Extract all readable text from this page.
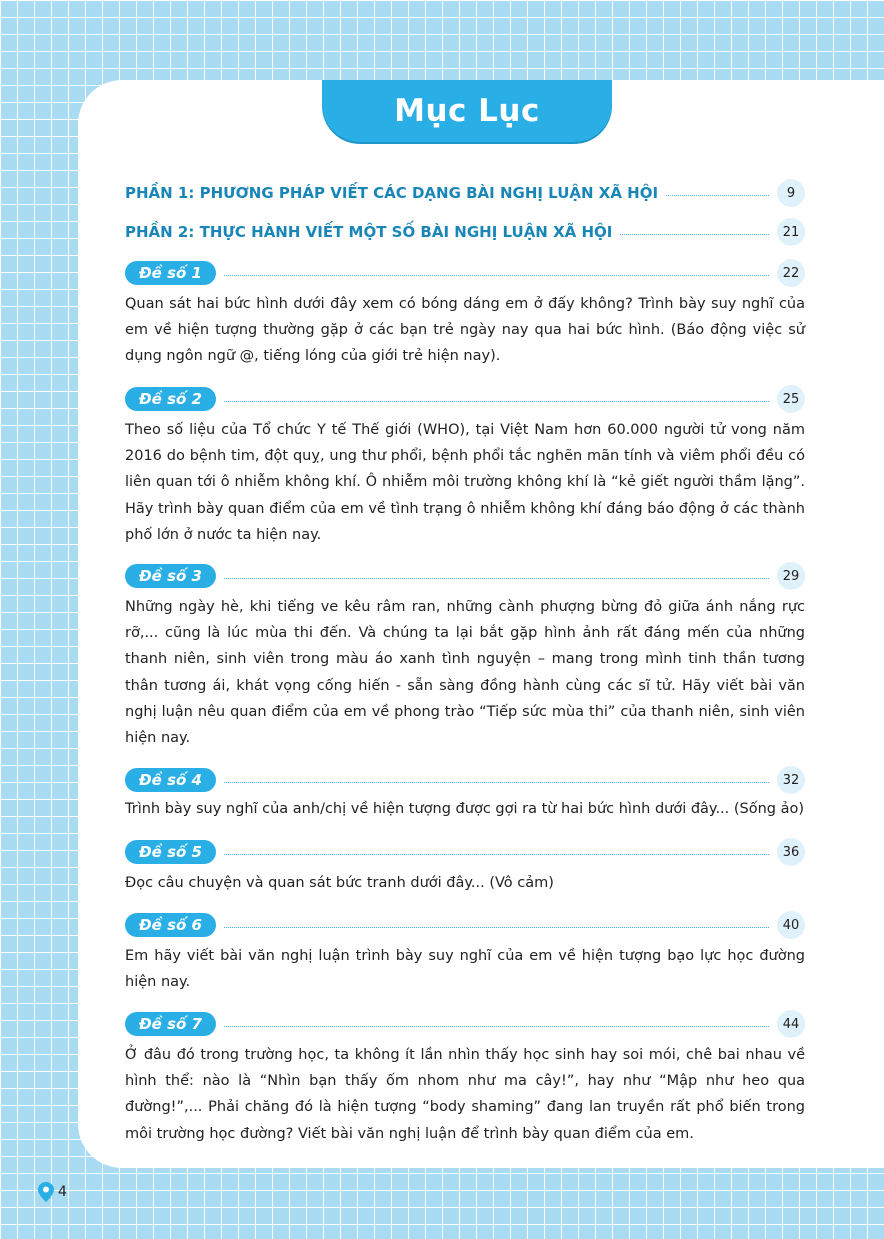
Mục Lục
PHẦN 1: PHƯƠNG PHÁP VIẾT CÁC DẠNG BÀI NGHỊ LUẬN XÃ HỘI	9
PHẦN 2: THỰC HÀNH VIẾT MỘT SỐ BÀI NGHỊ LUẬN XÃ HỘI	21
Đề số 1	22

Quan sát hai bức hình dưới đây xem có bóng dáng em ở đấy không? Trình bày suy nghĩ của em về hiện tượng thường gặp ở các bạn trẻ ngày nay qua hai bức hình. (Báo động việc sử dụng ngôn ngữ @, tiếng lóng của giới trẻ hiện nay).

Đề số 2	25

Theo số liệu của Tổ chức Y tế Thế giới (WHO), tại Việt Nam hơn 60.000 người tử vong năm 2016 do bệnh tim, đột quỵ, ung thư phổi, bệnh phổi tắc nghẽn mãn tính và viêm phổi đều có liên quan tới ô nhiễm không khí. Ô nhiễm môi trường không khí là “kẻ giết người thầm lặng”. Hãy trình bày quan điểm của em về tình trạng ô nhiễm không khí đáng báo động ở các thành phố lớn ở nước ta hiện nay.

Đề số 3	29

Những ngày hè, khi tiếng ve kêu râm ran, những cành phượng bừng đỏ giữa ánh nắng rực rỡ,... cũng là lúc mùa thi đến. Và chúng ta lại bắt gặp hình ảnh rất đáng mến của những thanh niên, sinh viên trong màu áo xanh tình nguyện – mang trong mình tinh thần tương thân tương ái, khát vọng cống hiến - sẵn sàng đồng hành cùng các sĩ tử. Hãy viết bài văn nghị luận nêu quan điểm của em về phong trào “Tiếp sức mùa thi” của thanh niên, sinh viên hiện nay.

Đề số 4	32

Trình bày suy nghĩ của anh/chị về hiện tượng được gợi ra từ hai bức hình dưới đây... (Sống ảo)

Đề số 5	36

Đọc câu chuyện và quan sát bức tranh dưới đây... (Vô cảm)

Đề số 6	40

Em hãy viết bài văn nghị luận trình bày suy nghĩ của em về hiện tượng bạo lực học đường hiện nay.

Đề số 7	44

Ở đâu đó trong trường học, ta không ít lần nhìn thấy học sinh hay soi mói, chê bai nhau về hình thể: nào là “Nhìn bạn thấy ốm nhom như ma cây!”, hay như “Mập như heo qua đường!”,... Phải chăng đó là hiện tượng “body shaming” đang lan truyền rất phổ biến trong môi trường học đường? Viết bài văn nghị luận để trình bày quan điểm của em.

4
